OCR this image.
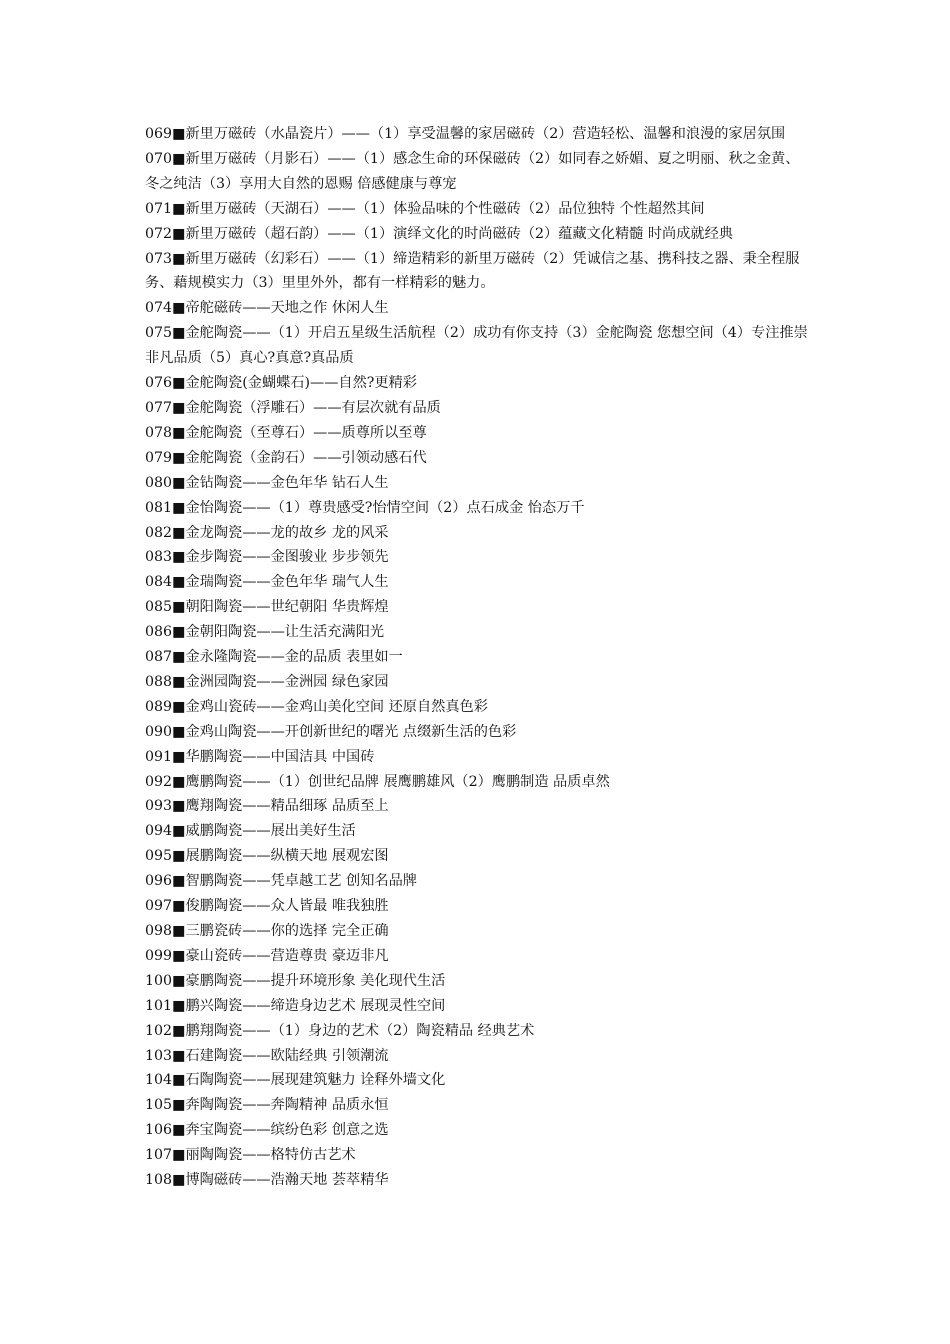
069■新里万磁砖（水晶瓷片）——（1）享受温馨的家居磁砖（2）营造轻松、温馨和浪漫的家居氛围

070■新里万磁砖（月影石）——（1）感念生命的环保磁砖（2）如同春之娇媚、夏之明丽、秋之金黄、冬之纯洁（3）享用大自然的恩赐 倍感健康与尊宠

071■新里万磁砖（天湖石）——（1）体验品味的个性磁砖（2）品位独特 个性超然其间

072■新里万磁砖（超石韵）——（1）演绎文化的时尚磁砖（2）蕴藏文化精髓 时尚成就经典

073■新里万磁砖（幻彩石）——（1）缔造精彩的新里万磁砖（2）凭诚信之基、携科技之器、秉全程服务、藉规模实力（3）里里外外，都有一样精彩的魅力。

074■帝舵磁砖——天地之作 休闲人生

075■金舵陶瓷——（1）开启五星级生活航程（2）成功有你支持（3）金舵陶瓷 您想空间（4）专注推崇 非凡品质（5）真心?真意?真品质

076■金舵陶瓷(金蝴蝶石)——自然?更精彩

077■金舵陶瓷（浮雕石）——有层次就有品质

078■金舵陶瓷（至尊石）——质尊所以至尊

079■金舵陶瓷（金韵石）——引领动感石代

080■金钻陶瓷——金色年华 钻石人生

081■金怡陶瓷——（1）尊贵感受?怡情空间（2）点石成金 怡态万千

082■金龙陶瓷——龙的故乡 龙的风采

083■金步陶瓷——金图骏业 步步领先

084■金瑞陶瓷——金色年华 瑞气人生

085■朝阳陶瓷——世纪朝阳 华贵辉煌

086■金朝阳陶瓷——让生活充满阳光

087■金永隆陶瓷——金的品质 表里如一

088■金洲园陶瓷——金洲园 绿色家园

089■金鸡山瓷砖——金鸡山美化空间 还原自然真色彩

090■金鸡山陶瓷——开创新世纪的曙光 点缀新生活的色彩

091■华鹏陶瓷——中国洁具 中国砖

092■鹰鹏陶瓷——（1）创世纪品牌 展鹰鹏雄风（2）鹰鹏制造 品质卓然

093■鹰翔陶瓷——精品细琢 品质至上

094■威鹏陶瓷——展出美好生活

095■展鹏陶瓷——纵横天地 展观宏图

096■智鹏陶瓷——凭卓越工艺 创知名品牌

097■俊鹏陶瓷——众人皆最 唯我独胜

098■三鹏瓷砖——你的选择 完全正确

099■豪山瓷砖——营造尊贵 豪迈非凡

100■豪鹏陶瓷——提升环境形象 美化现代生活

101■鹏兴陶瓷——缔造身边艺术 展现灵性空间

102■鹏翔陶瓷——（1）身边的艺术（2）陶瓷精品 经典艺术

103■石建陶瓷——欧陆经典 引领潮流

104■石陶陶瓷——展现建筑魅力 诠释外墙文化

105■奔陶陶瓷——奔陶精神 品质永恒

106■奔宝陶瓷——缤纷色彩 创意之选

107■丽陶陶瓷——格特仿古艺术

108■博陶磁砖——浩瀚天地 荟萃精华
